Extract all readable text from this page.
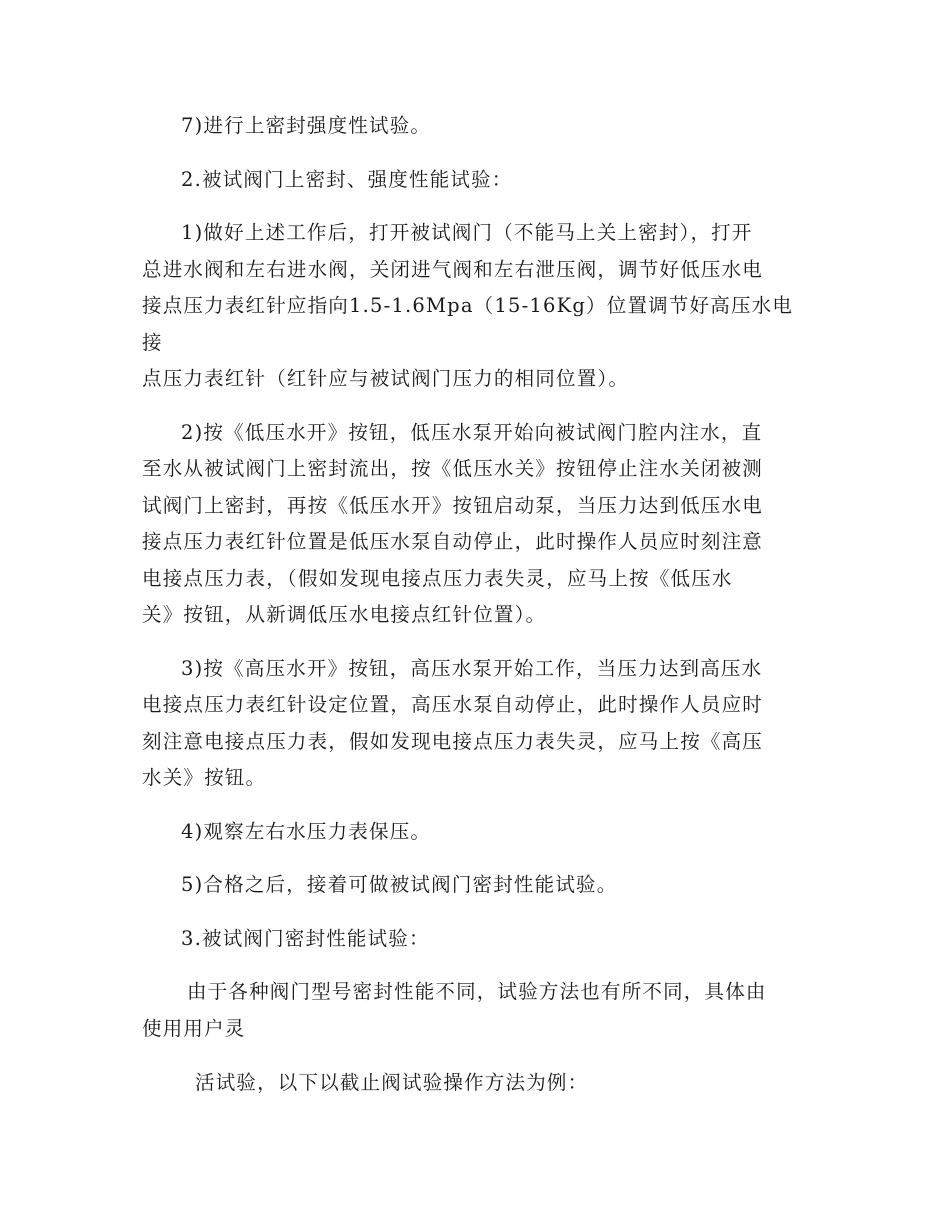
7)进行上密封强度性试验。

2.被试阀门上密封、强度性能试验：

1)做好上述工作后，打开被试阀门（不能马上关上密封），打开
总进水阀和左右进水阀，关闭进气阀和左右泄压阀，调节好低压水电
接点压力表红针应指向1.5-1.6Mpa（15-16Kg）位置调节好高压水电接
点压力表红针（红针应与被试阀门压力的相同位置）。

2)按《低压水开》按钮，低压水泵开始向被试阀门腔内注水，直
至水从被试阀门上密封流出，按《低压水关》按钮停止注水关闭被测
试阀门上密封，再按《低压水开》按钮启动泵，当压力达到低压水电
接点压力表红针位置是低压水泵自动停止，此时操作人员应时刻注意
电接点压力表，（假如发现电接点压力表失灵，应马上按《低压水
关》按钮，从新调低压水电接点红针位置）。

3)按《高压水开》按钮，高压水泵开始工作，当压力达到高压水
电接点压力表红针设定位置，高压水泵自动停止，此时操作人员应时
刻注意电接点压力表，假如发现电接点压力表失灵，应马上按《高压
水关》按钮。

4)观察左右水压力表保压。

5)合格之后，接着可做被试阀门密封性能试验。

3.被试阀门密封性能试验：

由于各种阀门型号密封性能不同，试验方法也有所不同，具体由
使用用户灵

活试验，以下以截止阀试验操作方法为例：
